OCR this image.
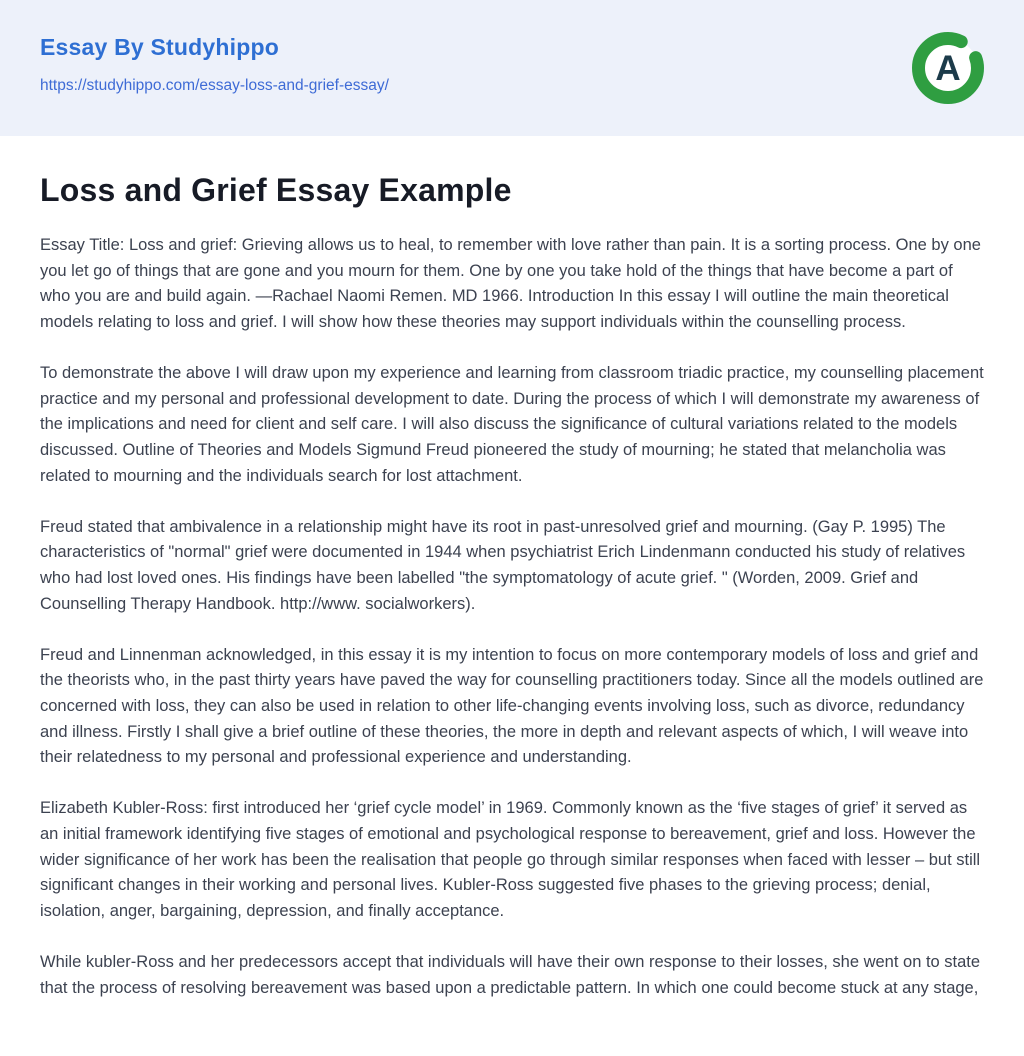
Essay By Studyhippo
https://studyhippo.com/essay-loss-and-grief-essay/	A
Loss and Grief Essay Example

Essay Title: Loss and grief: Grieving allows us to heal, to remember with love rather than pain. It is a sorting process. One by one you let go of things that are gone and you mourn for them. One by one you take hold of the things that have become a part of who you are and build again. —Rachael Naomi Remen. MD 1966. Introduction In this essay I will outline the main theoretical models relating to loss and grief. I will show how these theories may support individuals within the counselling process.

To demonstrate the above I will draw upon my experience and learning from classroom triadic practice, my counselling placement practice and my personal and professional development to date. During the process of which I will demonstrate my awareness of the implications and need for client and self care. I will also discuss the significance of cultural variations related to the models discussed. Outline of Theories and Models Sigmund Freud pioneered the study of mourning; he stated that melancholia was related to mourning and the individuals search for lost attachment.

Freud stated that ambivalence in a relationship might have its root in past-unresolved grief and mourning. (Gay P. 1995) The characteristics of "normal" grief were documented in 1944 when psychiatrist Erich Lindenmann conducted his study of relatives who had lost loved ones. His findings have been labelled "the symptomatology of acute grief. " (Worden, 2009. Grief and Counselling Therapy Handbook. http://www. socialworkers).

Freud and Linnenman acknowledged, in this essay it is my intention to focus on more contemporary models of loss and grief and the theorists who, in the past thirty years have paved the way for counselling practitioners today. Since all the models outlined are concerned with loss, they can also be used in relation to other life-changing events involving loss, such as divorce, redundancy and illness. Firstly I shall give a brief outline of these theories, the more in depth and relevant aspects of which, I will weave into their relatedness to my personal and professional experience and understanding.

Elizabeth Kubler-Ross: first introduced her ‘grief cycle model’ in 1969. Commonly known as the ‘five stages of grief’ it served as an initial framework identifying five stages of emotional and psychological response to bereavement, grief and loss. However the wider significance of her work has been the realisation that people go through similar responses when faced with lesser – but still significant changes in their working and personal lives. Kubler-Ross suggested five phases to the grieving process; denial, isolation, anger, bargaining, depression, and finally acceptance.

While kubler-Ross and her predecessors accept that individuals will have their own response to their losses, she went on to state that the process of resolving bereavement was based upon a predictable pattern. In which one could become stuck at any stage,
